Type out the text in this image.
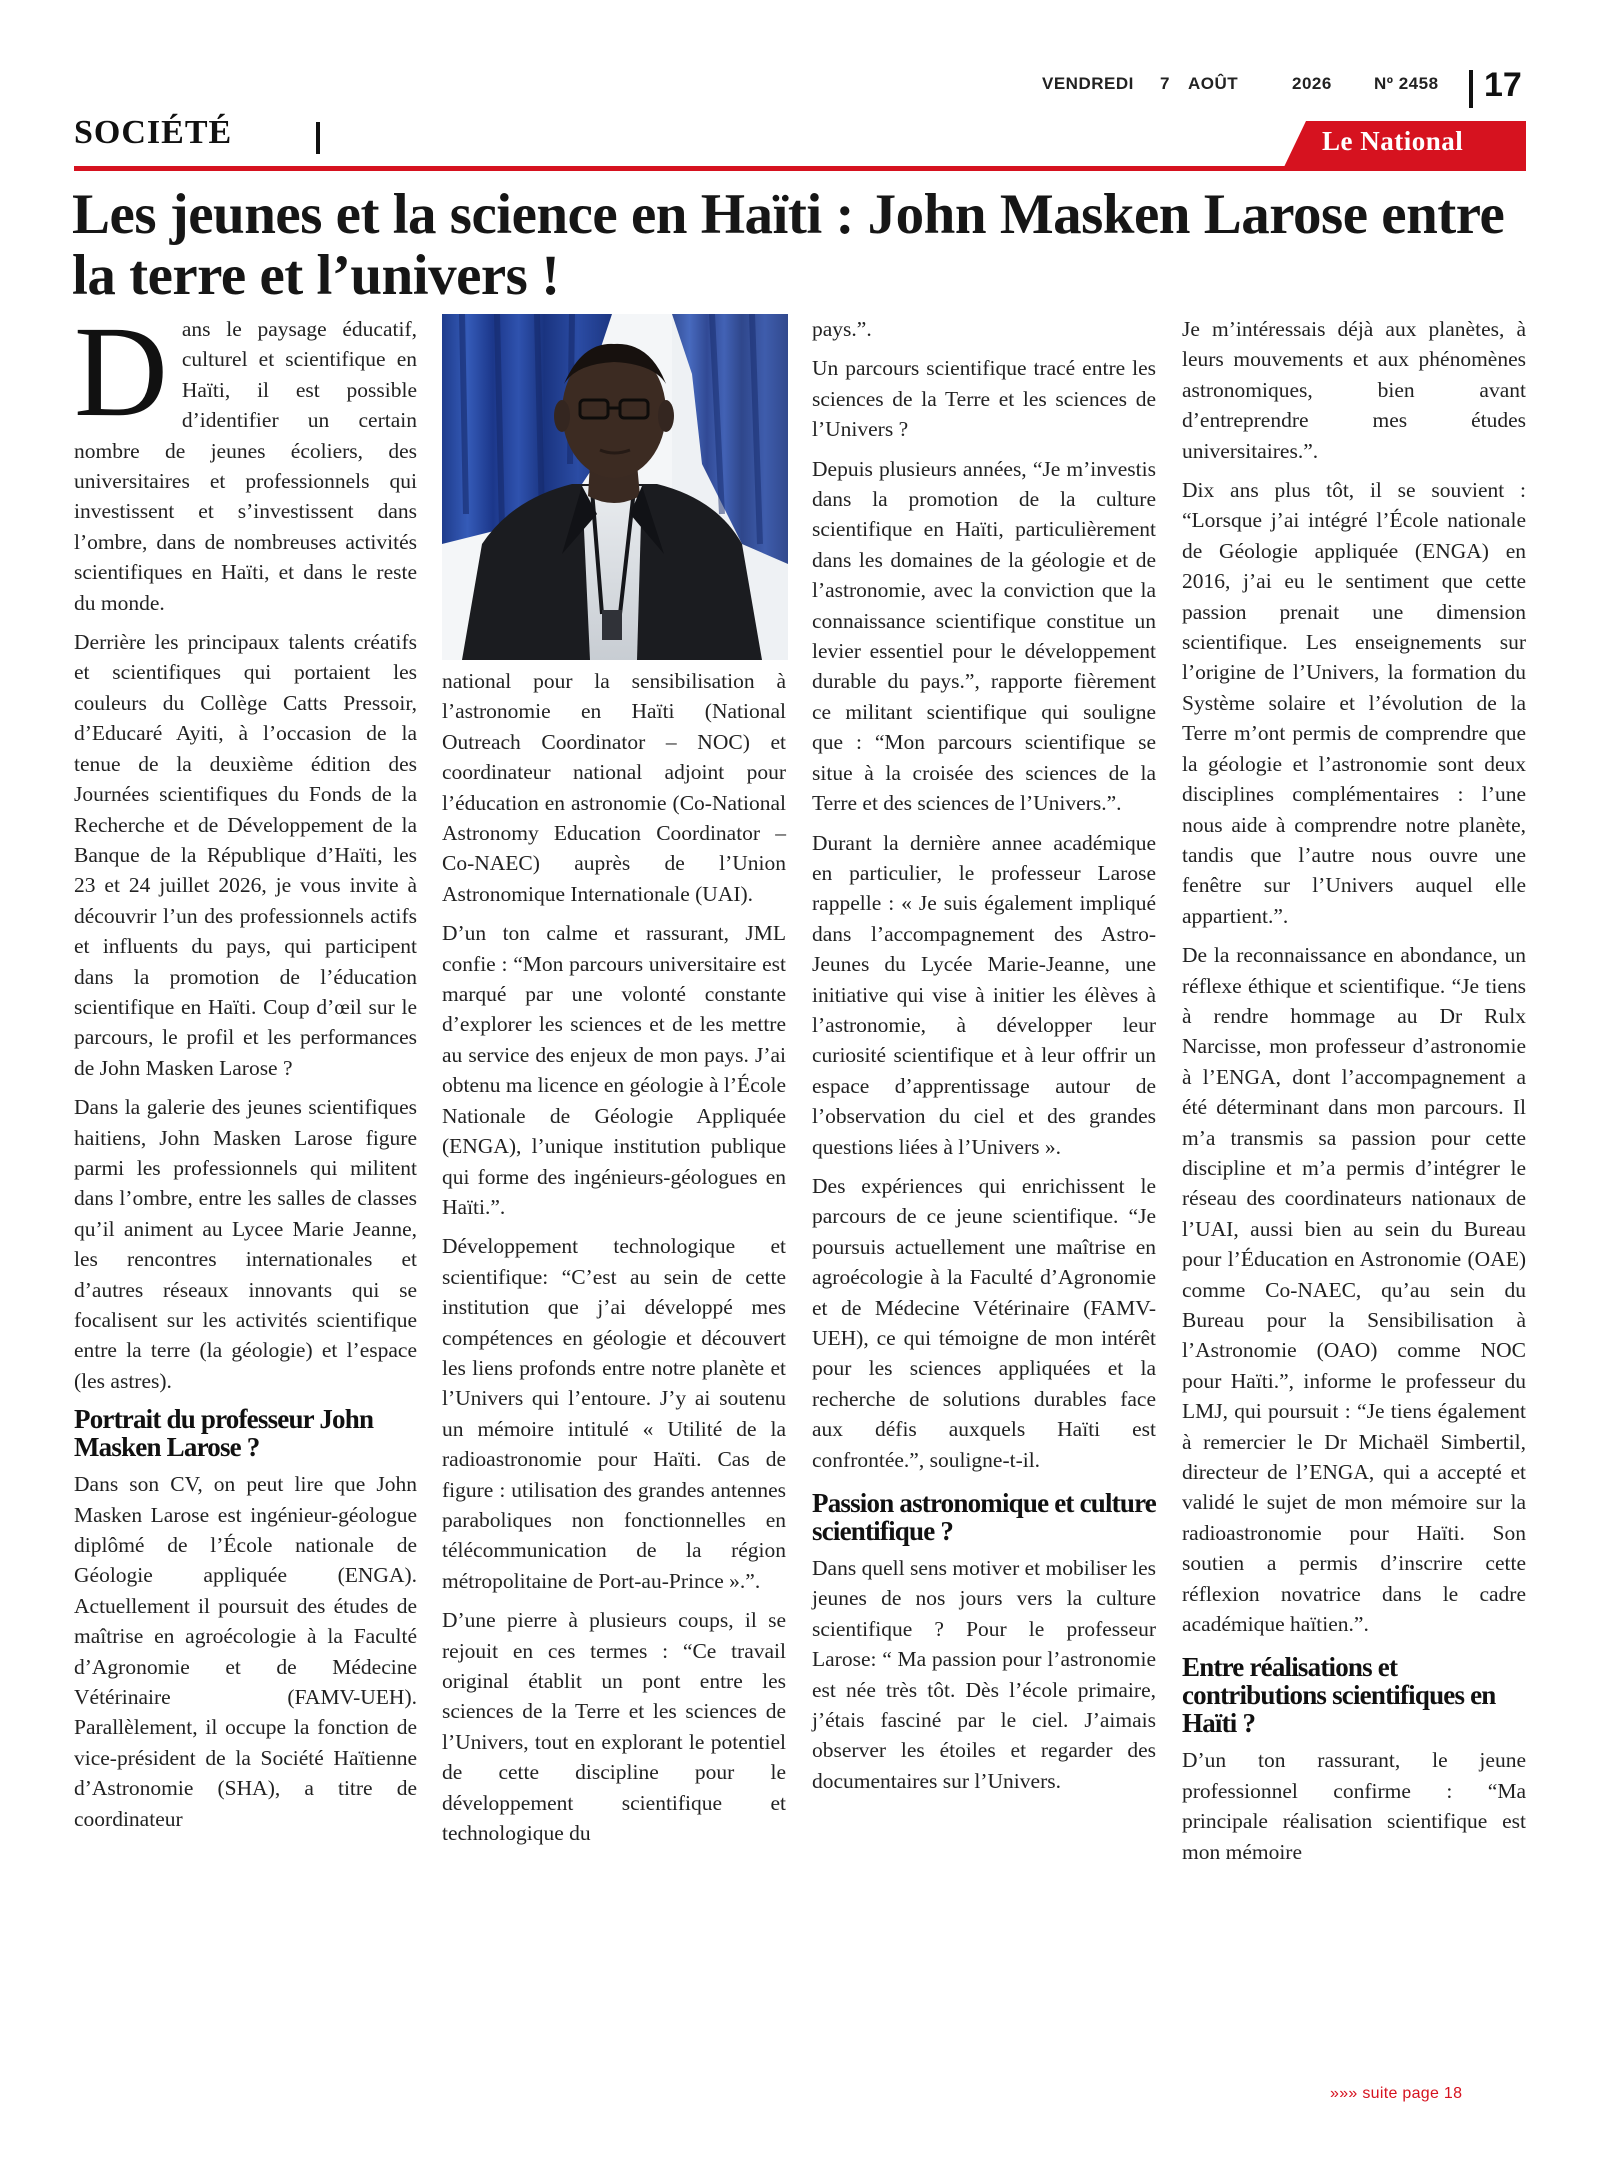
VENDREDI 7 AOÛT	2026 Nº 2458 17
SOCIÉTÉ	Le National
Les jeunes et la science en Haïti : John Masken Larose entre la terre et l’univers !

Dans le paysage éducatif, culturel et scientifique en Haïti, il est possible d’identifier un certain nombre de jeunes écoliers, des universitaires et professionnels qui investissent et s’investissent dans l’ombre, dans de nombreuses activités scientifiques en Haïti, et dans le reste du monde.

Derrière les principaux talents créatifs et scientifiques qui portaient les couleurs du Collège Catts Pressoir, d’Educaré Ayiti, à l’occasion de la tenue de la deuxième édition des Journées scientifiques du Fonds de la Recherche et de Développement de la Banque de la République d’Haïti, les 23 et 24 juillet 2026, je vous invite à découvrir l’un des professionnels actifs et influents du pays, qui participent dans la promotion de l’éducation scientifique en Haïti. Coup d’œil sur le parcours, le profil et les performances de John Masken Larose ?

Dans la galerie des jeunes scientifiques haitiens, John Masken Larose figure parmi les professionnels qui militent dans l’ombre, entre les salles de classes qu’il animent au Lycee Marie Jeanne, les rencontres internationales et d’autres réseaux innovants qui se focalisent sur les activités scientifique entre la terre (la géologie) et l’espace (les astres).

Portrait du professeur John Masken Larose ?

Dans son CV, on peut lire que John Masken Larose est ingénieur-géologue diplômé de l’École nationale de Géologie appliquée (ENGA). Actuellement il poursuit des études de maîtrise en agroécologie à la Faculté d’Agronomie et de Médecine Vétérinaire (FAMV-UEH). Parallèlement, il occupe la fonction de vice-président de la Société Haïtienne d’Astronomie (SHA), a titre de coordinateur

national pour la sensibilisation à l’astronomie en Haïti (National Outreach Coordinator – NOC) et coordinateur national adjoint pour l’éducation en astronomie (Co-National Astronomy Education Coordinator – Co-NAEC) auprès de l’Union Astronomique Internationale (UAI).

D’un ton calme et rassurant, JML confie : “Mon parcours universitaire est marqué par une volonté constante d’explorer les sciences et de les mettre au service des enjeux de mon pays. J’ai obtenu ma licence en géologie à l’École Nationale de Géologie Appliquée (ENGA), l’unique institution publique qui forme des ingénieurs-géologues en Haïti.”.

Développement technologique et scientifique: “C’est au sein de cette institution que j’ai développé mes compétences en géologie et découvert les liens profonds entre notre planète et l’Univers qui l’entoure. J’y ai soutenu un mémoire intitulé « Utilité de la radioastronomie pour Haïti. Cas de figure : utilisation des grandes antennes paraboliques non fonctionnelles en télécommunication de la région métropolitaine de Port-au-Prince ».”.

D’une pierre à plusieurs coups, il se rejouit en ces termes : “Ce travail original établit un pont entre les sciences de la Terre et les sciences de l’Univers, tout en explorant le potentiel de cette discipline pour le développement scientifique et technologique du

pays.”.

Un parcours scientifique tracé entre les sciences de la Terre et les sciences de l’Univers ?

Depuis plusieurs années, “Je m’investis dans la promotion de la culture scientifique en Haïti, particulièrement dans les domaines de la géologie et de l’astronomie, avec la conviction que la connaissance scientifique constitue un levier essentiel pour le développement durable du pays.”, rapporte fièrement ce militant scientifique qui souligne que : “Mon parcours scientifique se situe à la croisée des sciences de la Terre et des sciences de l’Univers.”.

Durant la dernière annee académique en particulier, le professeur Larose rappelle : « Je suis également impliqué dans l’accompagnement des Astro-Jeunes du Lycée Marie-Jeanne, une initiative qui vise à initier les élèves à l’astronomie, à développer leur curiosité scientifique et à leur offrir un espace d’apprentissage autour de l’observation du ciel et des grandes questions liées à l’Univers ».

Des expériences qui enrichissent le parcours de ce jeune scientifique. “Je poursuis actuellement une maîtrise en agroécologie à la Faculté d’Agronomie et de Médecine Vétérinaire (FAMV-UEH), ce qui témoigne de mon intérêt pour les sciences appliquées et la recherche de solutions durables face aux défis auxquels Haïti est confrontée.”, souligne-t-il.

Passion astronomique et culture scientifique ?

Dans quell sens motiver et mobiliser les jeunes de nos jours vers la culture scientifique ? Pour le professeur Larose: “ Ma passion pour l’astronomie est née très tôt. Dès l’école primaire, j’étais fasciné par le ciel. J’aimais observer les étoiles et regarder des documentaires sur l’Univers.

Je m’intéressais déjà aux planètes, à leurs mouvements et aux phénomènes astronomiques, bien avant d’entreprendre mes études universitaires.”.

Dix ans plus tôt, il se souvient : “Lorsque j’ai intégré l’École nationale de Géologie appliquée (ENGA) en 2016, j’ai eu le sentiment que cette passion prenait une dimension scientifique. Les enseignements sur l’origine de l’Univers, la formation du Système solaire et l’évolution de la Terre m’ont permis de comprendre que la géologie et l’astronomie sont deux disciplines complémentaires : l’une nous aide à comprendre notre planète, tandis que l’autre nous ouvre une fenêtre sur l’Univers auquel elle appartient.”.

De la reconnaissance en abondance, un réflexe éthique et scientifique. “Je tiens à rendre hommage au Dr Rulx Narcisse, mon professeur d’astronomie à l’ENGA, dont l’accompagnement a été déterminant dans mon parcours. Il m’a transmis sa passion pour cette discipline et m’a permis d’intégrer le réseau des coordinateurs nationaux de l’UAI, aussi bien au sein du Bureau pour l’Éducation en Astronomie (OAE) comme Co-NAEC, qu’au sein du Bureau pour la Sensibilisation à l’Astronomie (OAO) comme NOC pour Haïti.”, informe le professeur du LMJ, qui poursuit : “Je tiens également à remercier le Dr Michaël Simbertil, directeur de l’ENGA, qui a accepté et validé le sujet de mon mémoire sur la radioastronomie pour Haïti. Son soutien a permis d’inscrire cette réflexion novatrice dans le cadre académique haïtien.”.

Entre réalisations et contributions scientifiques en Haïti ?

D’un ton rassurant, le jeune professionnel confirme : “Ma principale réalisation scientifique est mon mémoire

»»» suite page 18
